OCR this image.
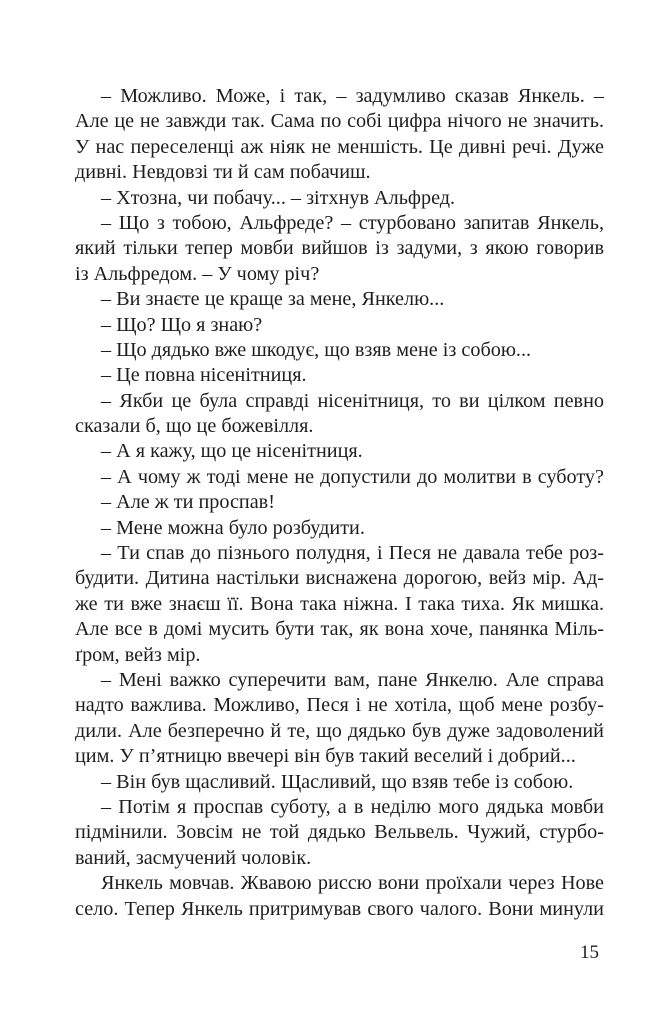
– Можливо. Може, і так, – задумливо сказав Янкель. –
Але це не завжди так. Сама по собі цифра нічого не значить.
У нас переселенці аж ніяк не меншість. Це дивні речі. Дуже
дивні. Невдовзі ти й сам побачиш.
– Хтозна, чи побачу... – зітхнув Альфред.
– Що з тобою, Альфреде? – стурбовано запитав Янкель,
який тільки тепер мовби вийшов із задуми, з якою говорив
із Альфредом. – У чому річ?
– Ви знаєте це краще за мене, Янкелю...
– Що? Що я знаю?
– Що дядько вже шкодує, що взяв мене із собою...
– Це повна нісенітниця.
– Якби це була справді нісенітниця, то ви цілком певно
сказали б, що це божевілля.
– А я кажу, що це нісенітниця.
– А чому ж тоді мене не допустили до молитви в суботу?
– Але ж ти проспав!
– Мене можна було розбудити.
– Ти спав до пізнього полудня, і Песя не давала тебе роз-
будити. Дитина настільки виснажена дорогою, вейз мір. Ад-
же ти вже знаєш її. Вона така ніжна. І така тиха. Як мишка.
Але все в домі мусить бути так, як вона хоче, панянка Міль-
ґром, вейз мір.
– Мені важко суперечити вам, пане Янкелю. Але справа
надто важлива. Можливо, Песя і не хотіла, щоб мене розбу-
дили. Але безперечно й те, що дядько був дуже задоволений
цим. У п’ятницю ввечері він був такий веселий і добрий...
– Він був щасливий. Щасливий, що взяв тебе із собою.
– Потім я проспав суботу, а в неділю мого дядька мовби
підмінили. Зовсім не той дядько Вельвель. Чужий, стурбо-
ваний, засмучений чоловік.
Янкель мовчав. Жвавою риссю вони проїхали через Нове
село. Тепер Янкель притримував свого чалого. Вони минули
15
